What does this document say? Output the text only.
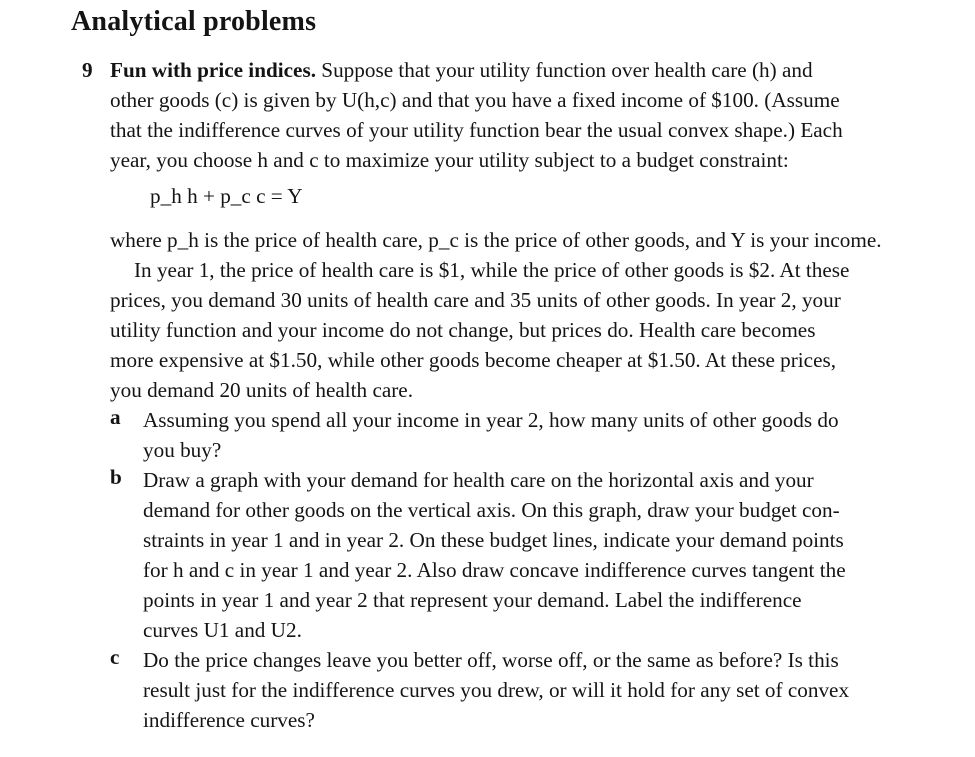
Analytical problems
9 Fun with price indices. Suppose that your utility function over health care (h) and
other goods (c) is given by U(h,c) and that you have a fixed income of $100. (Assume
that the indifference curves of your utility function bear the usual convex shape.) Each
year, you choose h and c to maximize your utility subject to a budget constraint:
p_h h + p_c c = Y
where p_h is the price of health care, p_c is the price of other goods, and Y is your income.
In year 1, the price of health care is $1, while the price of other goods is $2. At these
prices, you demand 30 units of health care and 35 units of other goods. In year 2, your
utility function and your income do not change, but prices do. Health care becomes
more expensive at $1.50, while other goods become cheaper at $1.50. At these prices,
you demand 20 units of health care.
a Assuming you spend all your income in year 2, how many units of other goods do
you buy?
b Draw a graph with your demand for health care on the horizontal axis and your
demand for other goods on the vertical axis. On this graph, draw your budget con-
straints in year 1 and in year 2. On these budget lines, indicate your demand points
for h and c in year 1 and year 2. Also draw concave indifference curves tangent the
points in year 1 and year 2 that represent your demand. Label the indifference
curves U1 and U2.
c Do the price changes leave you better off, worse off, or the same as before? Is this
result just for the indifference curves you drew, or will it hold for any set of convex
indifference curves?
